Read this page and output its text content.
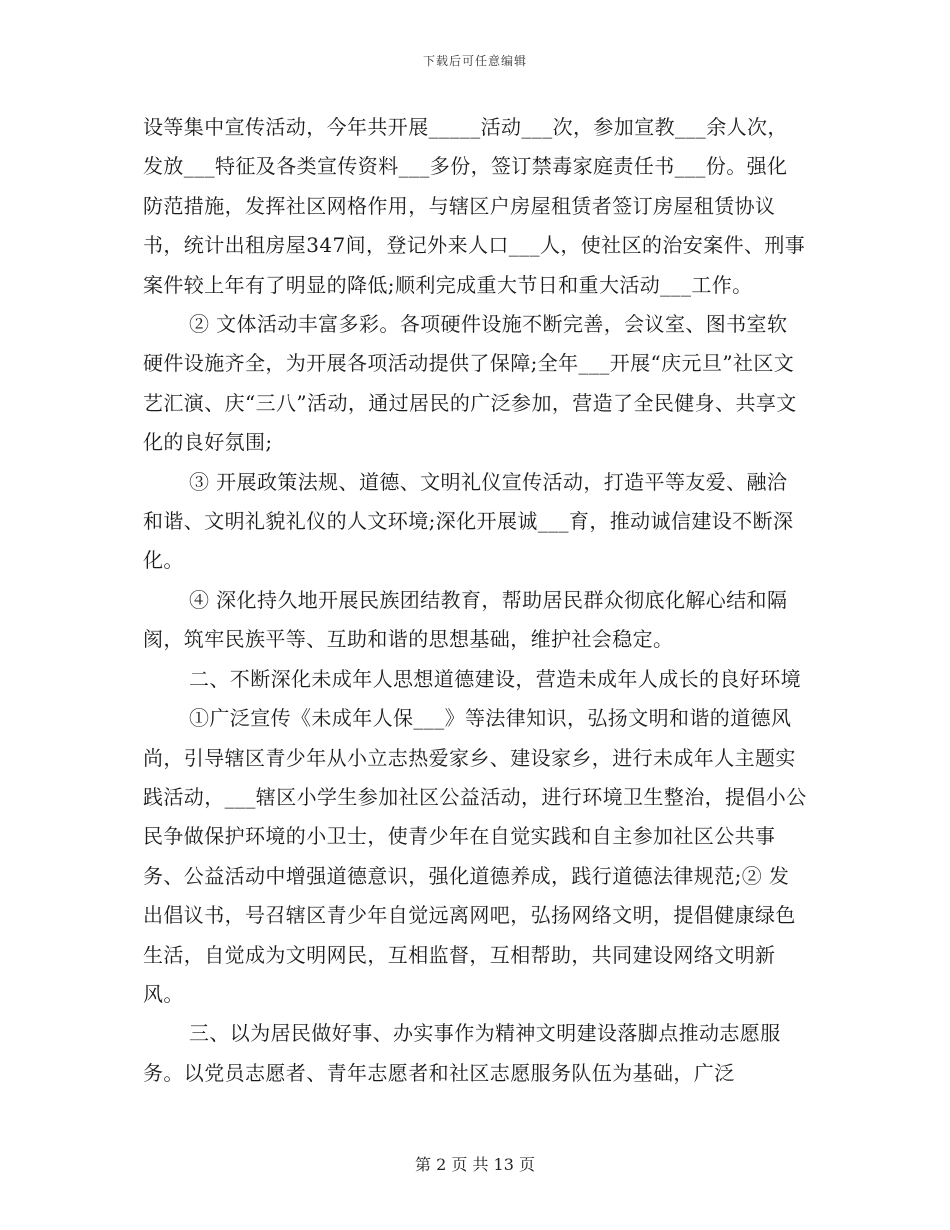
下载后可任意编辑

设等集中宣传活动，今年共开展_____活动___次，参加宣教___余人次，发放___特征及各类宣传资料___多份，签订禁毒家庭责任书___份。强化防范措施，发挥社区网格作用，与辖区户房屋租赁者签订房屋租赁协议书，统计出租房屋347间，登记外来人口___人，使社区的治安案件、刑事案件较上年有了明显的降低;顺利完成重大节日和重大活动___工作。

② 文体活动丰富多彩。各项硬件设施不断完善，会议室、图书室软硬件设施齐全，为开展各项活动提供了保障;全年___开展“庆元旦”社区文艺汇演、庆“三八”活动，通过居民的广泛参加，营造了全民健身、共享文化的良好氛围;

③ 开展政策法规、道德、文明礼仪宣传活动，打造平等友爱、融洽和谐、文明礼貌礼仪的人文环境;深化开展诚___育，推动诚信建设不断深化。

④ 深化持久地开展民族团结教育，帮助居民群众彻底化解心结和隔阂，筑牢民族平等、互助和谐的思想基础，维护社会稳定。

二、不断深化未成年人思想道德建设，营造未成年人成长的良好环境

①广泛宣传《未成年人保___》等法律知识，弘扬文明和谐的道德风尚，引导辖区青少年从小立志热爱家乡、建设家乡，进行未成年人主题实践活动，___辖区小学生参加社区公益活动，进行环境卫生整治，提倡小公民争做保护环境的小卫士，使青少年在自觉实践和自主参加社区公共事务、公益活动中增强道德意识，强化道德养成，践行道德法律规范;② 发出倡议书，号召辖区青少年自觉远离网吧，弘扬网络文明，提倡健康绿色生活，自觉成为文明网民，互相监督，互相帮助，共同建设网络文明新风。

三、以为居民做好事、办实事作为精神文明建设落脚点推动志愿服务。以党员志愿者、青年志愿者和社区志愿服务队伍为基础，广泛

第 2 页 共 13 页
